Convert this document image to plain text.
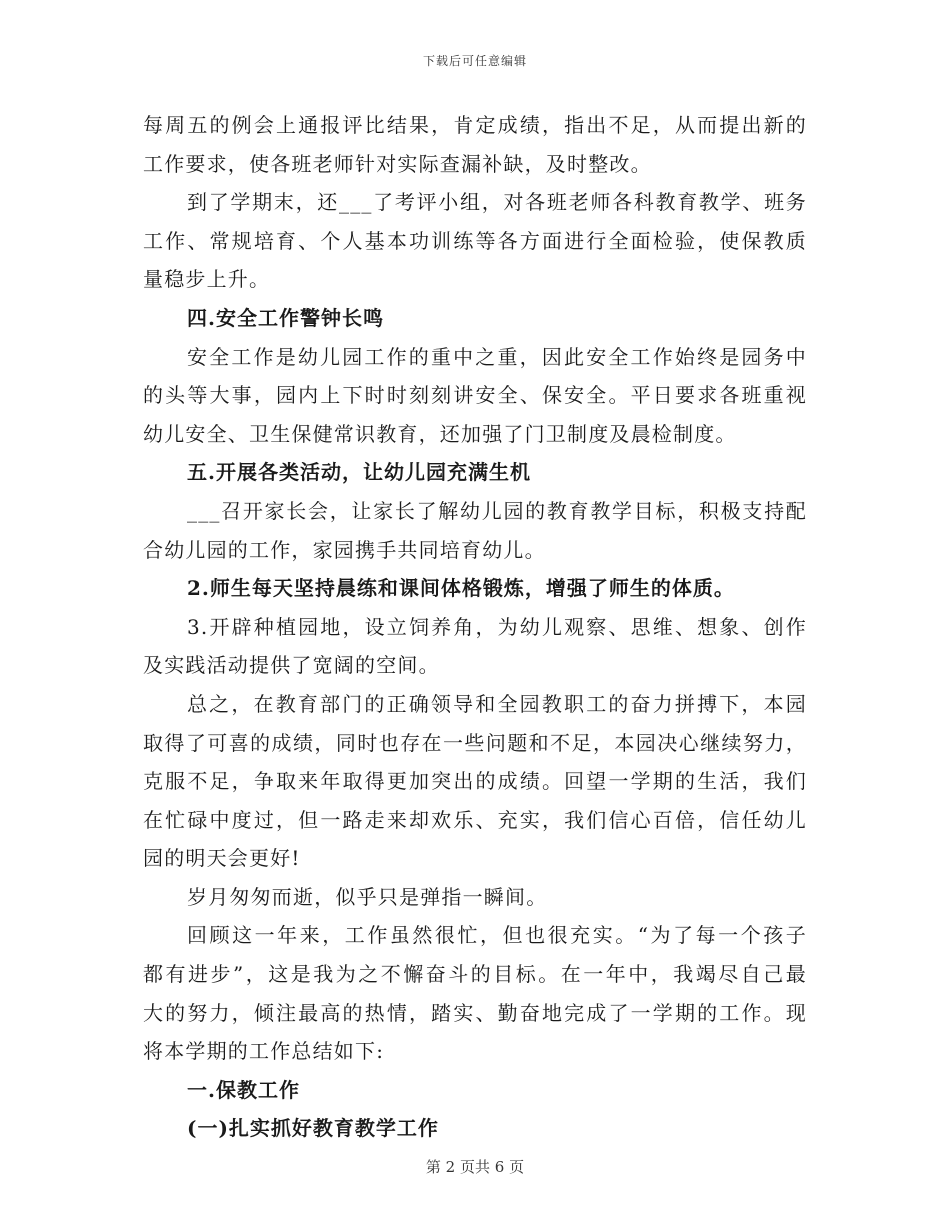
下载后可任意编辑
每周五的例会上通报评比结果，肯定成绩，指出不足，从而提出新的
工作要求，使各班老师针对实际查漏补缺，及时整改。
到了学期末，还___了考评小组，对各班老师各科教育教学、班务
工作、常规培育、个人基本功训练等各方面进行全面检验，使保教质
量稳步上升。
四.安全工作警钟长鸣
安全工作是幼儿园工作的重中之重，因此安全工作始终是园务中
的头等大事，园内上下时时刻刻讲安全、保安全。平日要求各班重视
幼儿安全、卫生保健常识教育，还加强了门卫制度及晨检制度。
五.开展各类活动，让幼儿园充满生机
___召开家长会，让家长了解幼儿园的教育教学目标，积极支持配
合幼儿园的工作，家园携手共同培育幼儿。
2.师生每天坚持晨练和课间体格锻炼，增强了师生的体质。
3.开辟种植园地，设立饲养角，为幼儿观察、思维、想象、创作
及实践活动提供了宽阔的空间。
总之，在教育部门的正确领导和全园教职工的奋力拼搏下，本园
取得了可喜的成绩，同时也存在一些问题和不足，本园决心继续努力，
克服不足，争取来年取得更加突出的成绩。回望一学期的生活，我们
在忙碌中度过，但一路走来却欢乐、充实，我们信心百倍，信任幼儿
园的明天会更好!
岁月匆匆而逝，似乎只是弹指一瞬间。
回顾这一年来，工作虽然很忙，但也很充实。“为了每一个孩子
都有进步”，这是我为之不懈奋斗的目标。在一年中，我竭尽自己最
大的努力，倾注最高的热情，踏实、勤奋地完成了一学期的工作。现
将本学期的工作总结如下:
一.保教工作
(一)扎实抓好教育教学工作
第 2 页共 6 页
